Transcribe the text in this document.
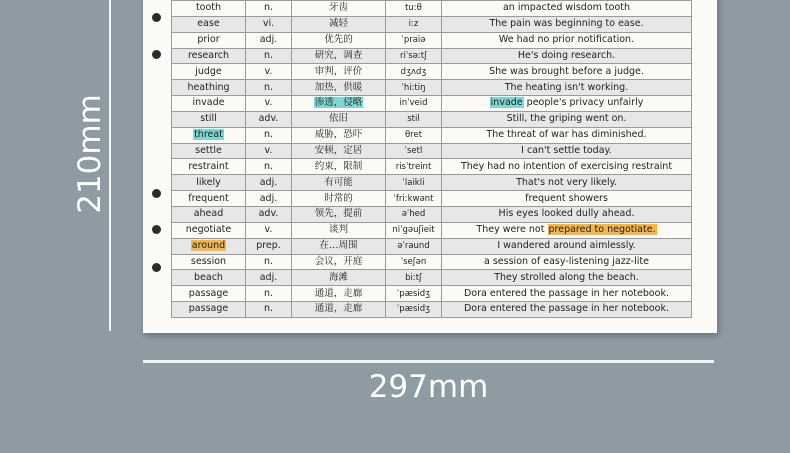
210mm
tooth	n.	牙齿	tuːθ	an impacted wisdom tooth
ease	vi.	减轻	iːz	The pain was beginning to ease.
prior	adj.	优先的	ˈpraiə	We had no prior notification.
research	n.	研究，调查	riˈsəːtʃ	He's doing research.
judge	v.	审判，评价	dʒʌdʒ	She was brought before a judge.
heathing	n.	加热，供暖	ˈhiːtiŋ	The heating isn't working.
invade	v.	渗透，侵略	inˈveid	invade people's privacy unfairly
still	adv.	依旧	stil	Still, the griping went on.
threat	n.	威胁，恐吓	θret	The threat of war has diminished.
settle	v.	安顿，定居	ˈsetl	I can't settle today.
restraint	n.	约束，限制	risˈtreint	They had no intention of exercising restraint
likely	adj.	有可能	ˈlaikli	That's not very likely.
frequent	adj.	时常的	ˈfriːkwənt	frequent showers
ahead	adv.	领先，提前	əˈhed	His eyes looked dully ahead.
negotiate	v.	谈判	niˈgəuʃieit	They were not prepared to negotiate.
around	prep.	在…周围	əˈraund	I wandered around aimlessly.
session	n.	会议，开庭	ˈseʃən	a session of easy-listening jazz-lite
beach	adj.	海滩	biːtʃ	They strolled along the beach.
passage	n.	通道，走廊	ˈpæsidʒ	Dora entered the passage in her notebook.
passage	n.	通道，走廊	ˈpæsidʒ	Dora entered the passage in her notebook.
297mm
